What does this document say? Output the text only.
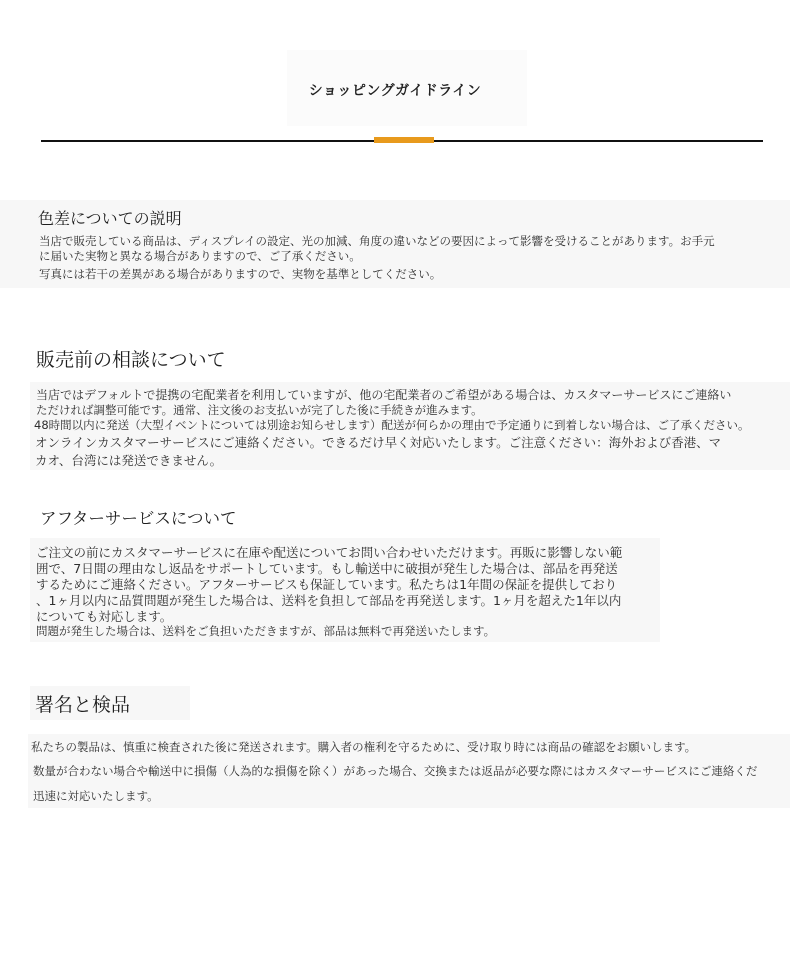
ショッピングガイドライン
色差についての説明
当店で販売している商品は、ディスプレイの設定、光の加減、角度の違いなどの要因によって影響を受けることがあります。お手元
に届いた実物と異なる場合がありますので、ご了承ください。
写真には若干の差異がある場合がありますので、実物を基準としてください。
販売前の相談について
当店ではデフォルトで提携の宅配業者を利用していますが、他の宅配業者のご希望がある場合は、カスタマーサービスにご連絡い
ただければ調整可能です。通常、注文後のお支払いが完了した後に手続きが進みます。
48時間以内に発送（大型イベントについては別途お知らせします）配送が何らかの理由で予定通りに到着しない場合は、ご了承ください。
オンラインカスタマーサービスにご連絡ください。できるだけ早く対応いたします。ご注意ください：海外および香港、マ
カオ、台湾には発送できません。
アフターサービスについて
ご注文の前にカスタマーサービスに在庫や配送についてお問い合わせいただけます。再販に影響しない範
囲で、7日間の理由なし返品をサポートしています。もし輸送中に破損が発生した場合は、部品を再発送
するためにご連絡ください。アフターサービスも保証しています。私たちは1年間の保証を提供しており
、1ヶ月以内に品質問題が発生した場合は、送料を負担して部品を再発送します。1ヶ月を超えた1年以内
についても対応します。
問題が発生した場合は、送料をご負担いただきますが、部品は無料で再発送いたします。
署名と検品
私たちの製品は、慎重に検査された後に発送されます。購入者の権利を守るために、受け取り時には商品の確認をお願いします。
数量が合わない場合や輸送中に損傷（人為的な損傷を除く）があった場合、交換または返品が必要な際にはカスタマーサービスにご連絡くだ
迅速に対応いたします。
